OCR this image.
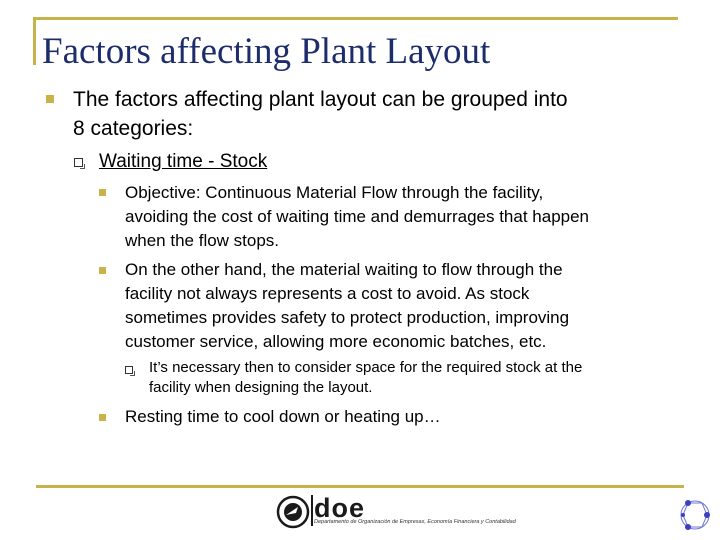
Factors affecting Plant Layout

The factors affecting plant layout can be grouped into

8 categories:

Waiting time - Stock

Objective: Continuous Material Flow through the facility,

avoiding the cost of waiting time and demurrages that happen

when the flow stops.

On the other hand, the material waiting to flow through the

facility not always represents a cost to avoid. As stock

sometimes provides safety to protect production, improving

customer service, allowing more economic batches, etc.

It’s necessary then to consider space for the required stock at the

facility when designing the layout.

Resting time to cool down or heating up…

doe
Departamento de Organización de Empresas, Economía Financiera y Contabilidad
